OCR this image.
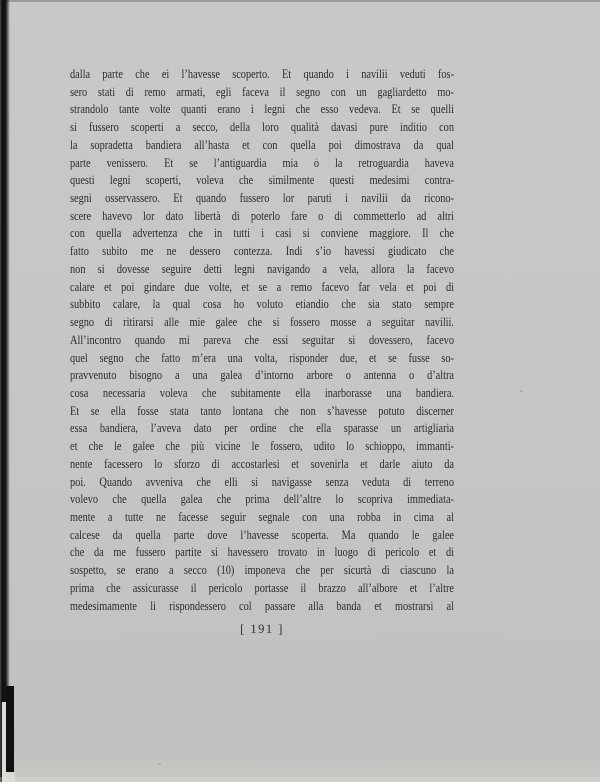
dalla parte che ei l’havesse scoperto. Et quando i navilii veduti fos-
sero stati di remo armati, egli faceva il segno con un gagliardetto mo-
strandolo tante volte quanti erano i legni che esso vedeva. Et se quelli
si fussero scoperti a secco, della loro qualità davasi pure inditio con
la sopradetta bandiera all’hasta et con quella poi dimostrava da qual
parte venissero. Et se l’antiguardia mia o la retroguardia haveva
questi legni scoperti, voleva che similmente questi medesimi contra-
segni osservassero. Et quando fussero lor paruti i navilii da ricono-
scere havevo lor dato libertà di poterlo fare o di commetterlo ad altri
con quella advertenza che in tutti i casi si conviene maggiore. Il che
fatto subito me ne dessero contezza. Indi s’io havessi giudicato che
non si dovesse seguire detti legni navigando a vela, allora la facevo
calare et poi gindare due volte, et se a remo facevo far vela et poi di
subbito calare, la qual cosa ho voluto etiandio che sia stato sempre
segno di ritirarsi alle mie galee che si fossero mosse a seguitar navilii.
All’incontro quando mi pareva che essi seguitar si dovessero, facevo
quel segno che fatto m’era una volta, risponder due, et se fusse so-
pravvenuto bisogno a una galea d’intorno arbore o antenna o d’altra
cosa necessaria voleva che subitamente ella inarborasse una bandiera.
Et se ella fosse stata tanto lontana che non s’havesse potuto discerner
essa bandiera, l’aveva dato per ordine che ella sparasse un artigliaria
et che le galee che più vicine le fossero, udito lo schioppo, immanti-
nente facessero lo sforzo di accostarlesi et sovenirla et darle aiuto da
poi. Quando avveniva che elli si navigasse senza veduta di terreno
volevo che quella galea che prima dell’altre lo scopriva immediata-
mente a tutte ne facesse seguir segnale con una robba in cima al
calcese da quella parte dove l’havesse scoperta. Ma quando le galee
che da me fussero partite si havessero trovato in luogo di pericolo et di
sospetto, se erano a secco (10) imponeva che per sicurtà di ciascuno la
prima che assicurasse il pericolo portasse il brazzo all’albore et l’altre
medesimamente li rispondessero col passare alla banda et mostrarsi al
[ 191 ]
